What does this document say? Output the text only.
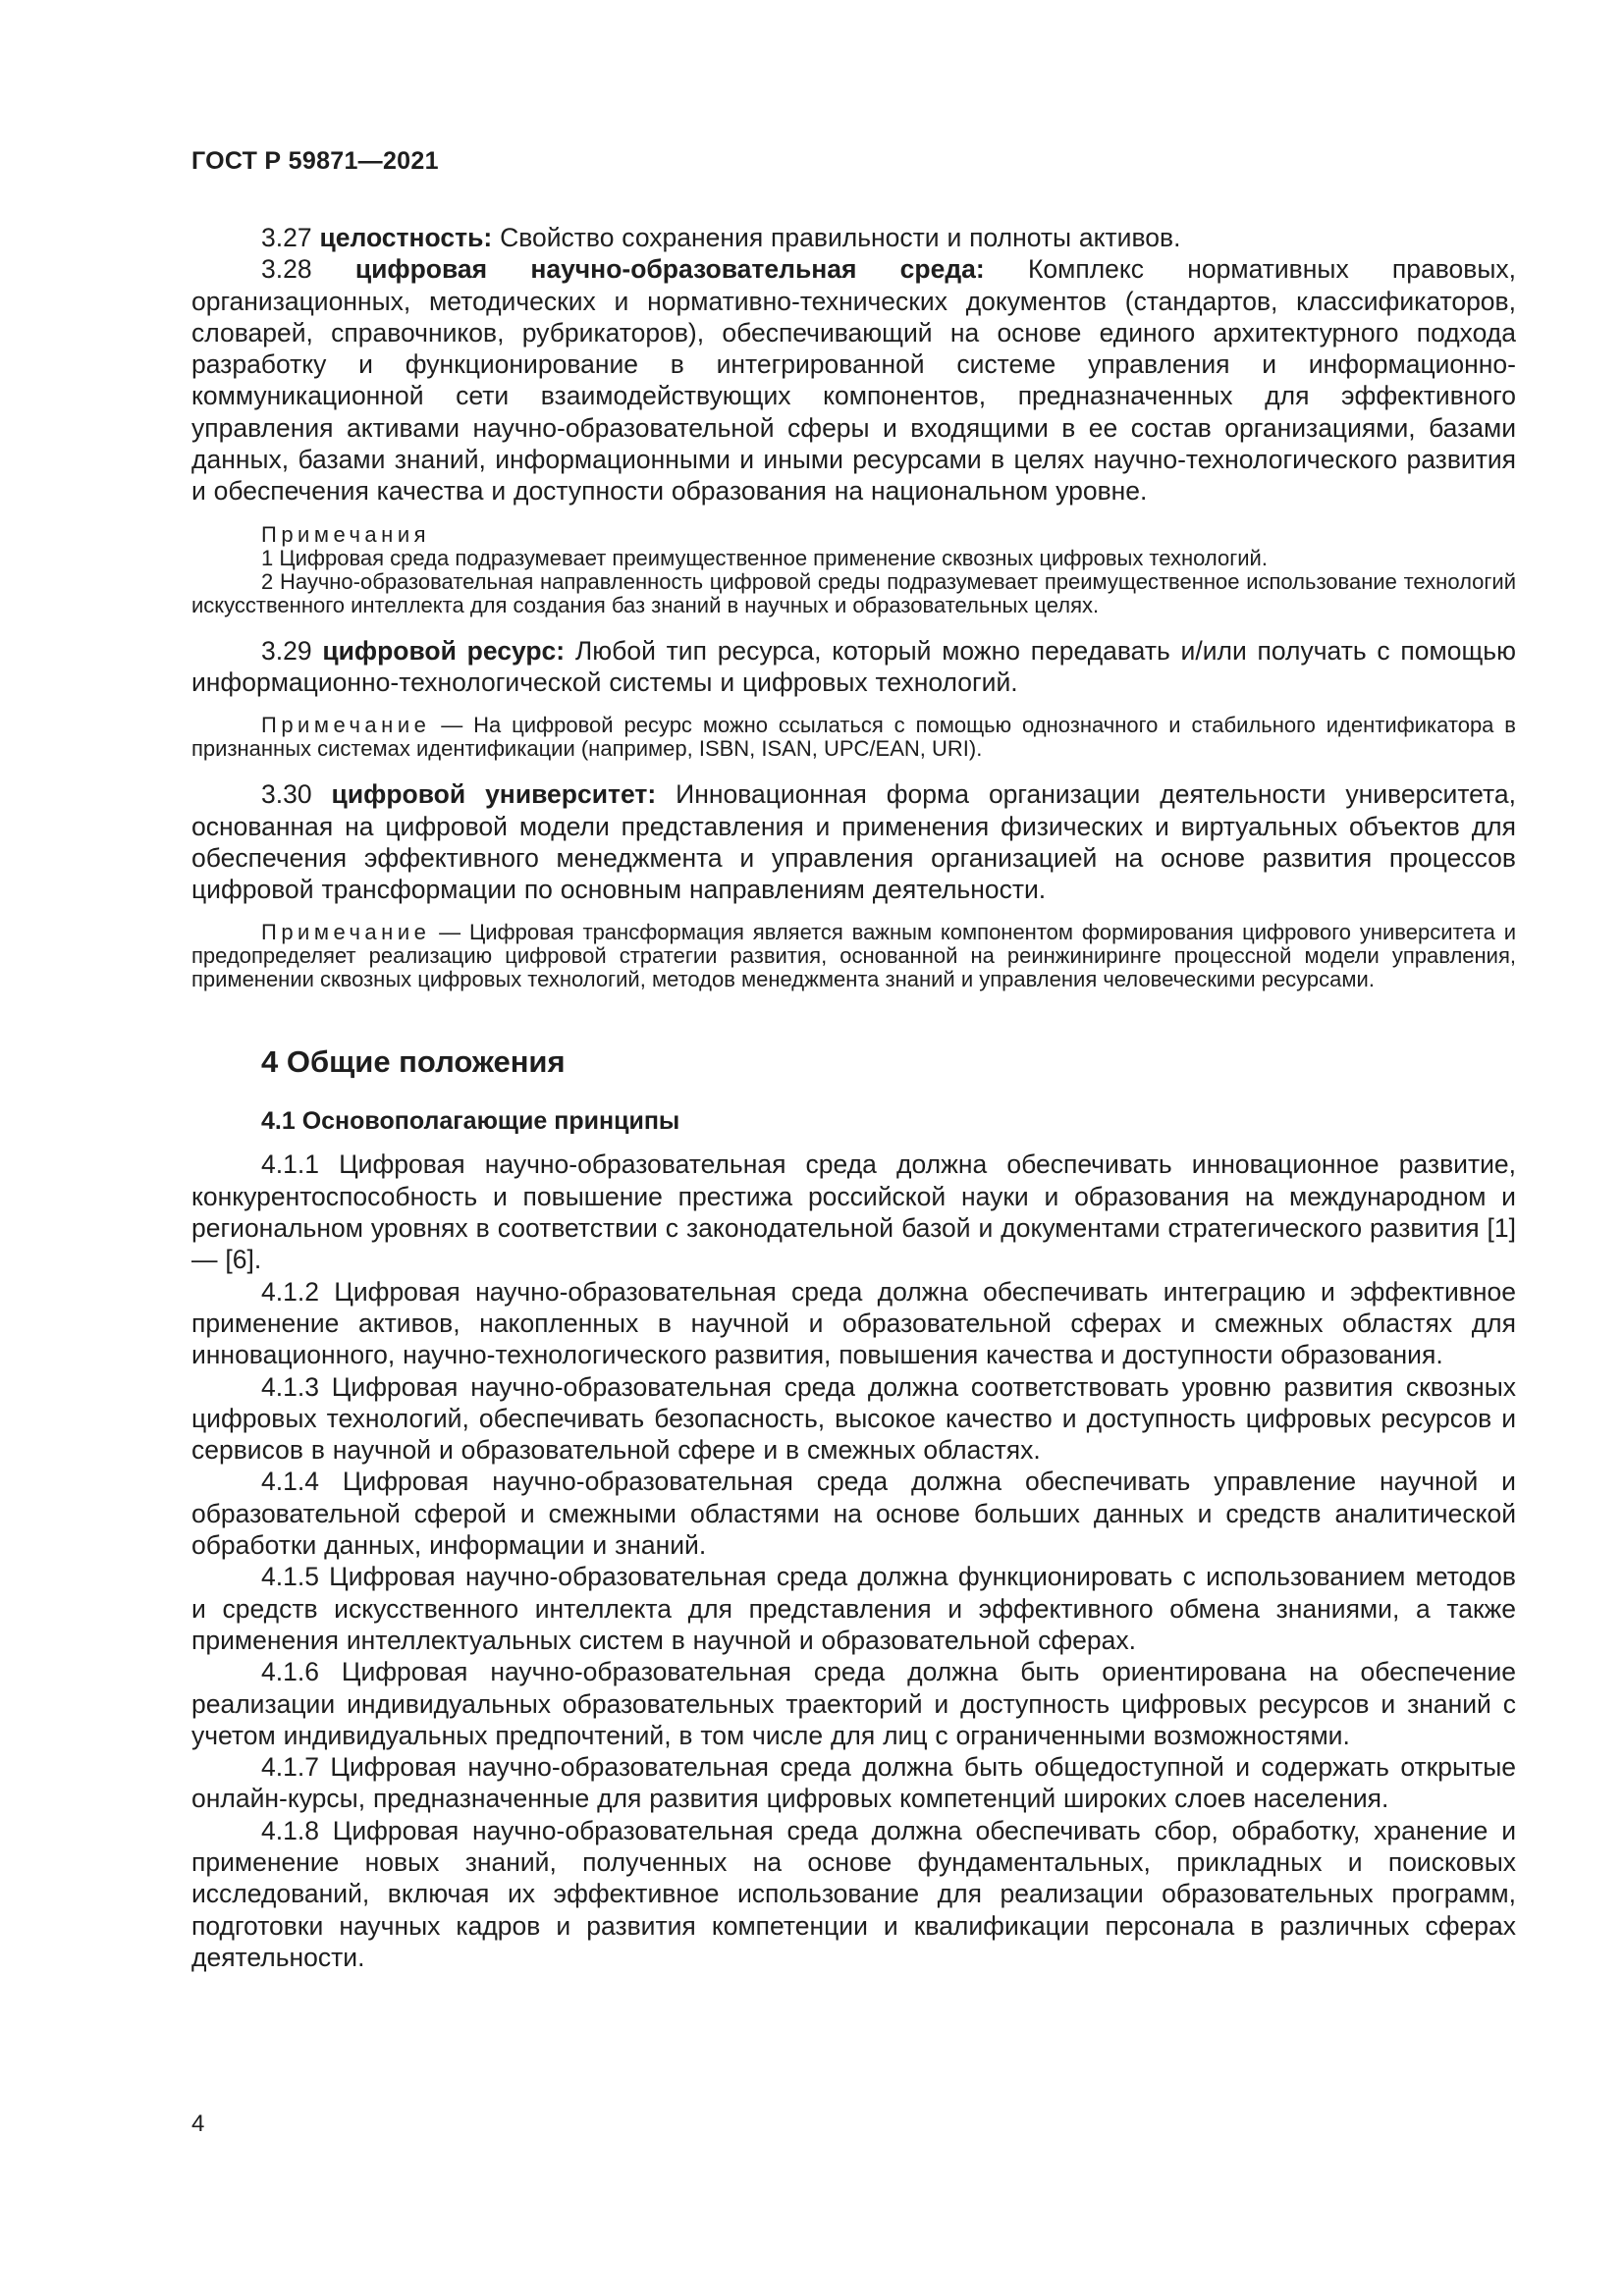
ГОСТ Р 59871—2021

3.27 целостность: Свойство сохранения правильности и полноты активов.

3.28 цифровая научно-образовательная среда: Комплекс нормативных правовых, организационных, методических и нормативно-технических документов (стандартов, классификаторов, словарей, справочников, рубрикаторов), обеспечивающий на основе единого архитектурного подхода разработку и функционирование в интегрированной системе управления и информационно-коммуникационной сети взаимодействующих компонентов, предназначенных для эффективного управления активами научно-образовательной сферы и входящими в ее состав организациями, базами данных, базами знаний, информационными и иными ресурсами в целях научно-технологического развития и обеспечения качества и доступности образования на национальном уровне.

Примечания

1 Цифровая среда подразумевает преимущественное применение сквозных цифровых технологий.

2 Научно-образовательная направленность цифровой среды подразумевает преимущественное использование технологий искусственного интеллекта для создания баз знаний в научных и образовательных целях.

3.29 цифровой ресурс: Любой тип ресурса, который можно передавать и/или получать с помощью информационно-технологической системы и цифровых технологий.

Примечание — На цифровой ресурс можно ссылаться с помощью однозначного и стабильного идентификатора в признанных системах идентификации (например, ISBN, ISAN, UPC/EAN, URI).

3.30 цифровой университет: Инновационная форма организации деятельности университета, основанная на цифровой модели представления и применения физических и виртуальных объектов для обеспечения эффективного менеджмента и управления организацией на основе развития процессов цифровой трансформации по основным направлениям деятельности.

Примечание — Цифровая трансформация является важным компонентом формирования цифрового университета и предопределяет реализацию цифровой стратегии развития, основанной на реинжиниринге процессной модели управления, применении сквозных цифровых технологий, методов менеджмента знаний и управления человеческими ресурсами.

4 Общие положения
4.1 Основополагающие принципы

4.1.1 Цифровая научно-образовательная среда должна обеспечивать инновационное развитие, конкурентоспособность и повышение престижа российской науки и образования на международном и региональном уровнях в соответствии с законодательной базой и документами стратегического развития [1] — [6].

4.1.2 Цифровая научно-образовательная среда должна обеспечивать интеграцию и эффективное применение активов, накопленных в научной и образовательной сферах и смежных областях для инновационного, научно-технологического развития, повышения качества и доступности образования.

4.1.3 Цифровая научно-образовательная среда должна соответствовать уровню развития сквозных цифровых технологий, обеспечивать безопасность, высокое качество и доступность цифровых ресурсов и сервисов в научной и образовательной сфере и в смежных областях.

4.1.4 Цифровая научно-образовательная среда должна обеспечивать управление научной и образовательной сферой и смежными областями на основе больших данных и средств аналитической обработки данных, информации и знаний.

4.1.5 Цифровая научно-образовательная среда должна функционировать с использованием методов и средств искусственного интеллекта для представления и эффективного обмена знаниями, а также применения интеллектуальных систем в научной и образовательной сферах.

4.1.6 Цифровая научно-образовательная среда должна быть ориентирована на обеспечение реализации индивидуальных образовательных траекторий и доступность цифровых ресурсов и знаний с учетом индивидуальных предпочтений, в том числе для лиц с ограниченными возможностями.

4.1.7 Цифровая научно-образовательная среда должна быть общедоступной и содержать открытые онлайн-курсы, предназначенные для развития цифровых компетенций широких слоев населения.

4.1.8 Цифровая научно-образовательная среда должна обеспечивать сбор, обработку, хранение и применение новых знаний, полученных на основе фундаментальных, прикладных и поисковых исследований, включая их эффективное использование для реализации образовательных программ, подготовки научных кадров и развития компетенции и квалификации персонала в различных сферах деятельности.

4
